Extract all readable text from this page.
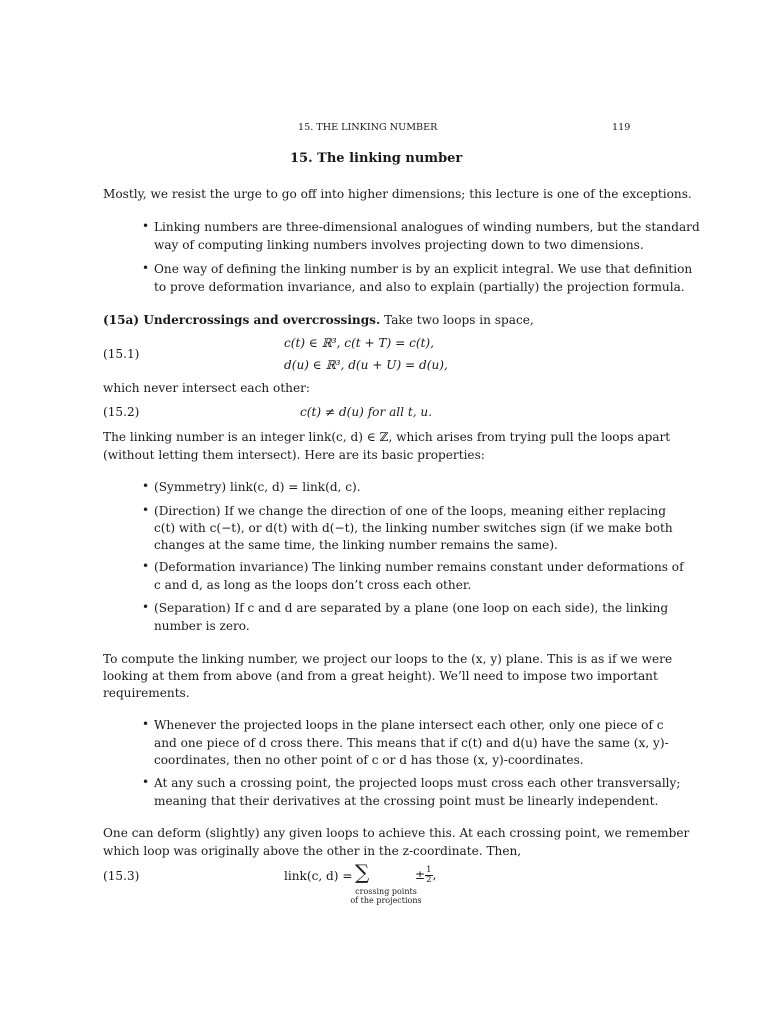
15. THE LINKING NUMBER	119
15. The linking number
Mostly, we resist the urge to go off into higher dimensions; this lecture is one of the exceptions.
• Linking numbers are three-dimensional analogues of winding numbers, but the standard
way of computing linking numbers involves projecting down to two dimensions.
• One way of defining the linking number is by an explicit integral. We use that definition
to prove deformation invariance, and also to explain (partially) the projection formula.
(15a) Undercrossings and overcrossings. Take two loops in space,
(15.1)
c(t) ∈ ℝ³, c(t + T) = c(t),
d(u) ∈ ℝ³, d(u + U) = d(u),
which never intersect each other:
(15.2)	c(t) ≠ d(u) for all t, u.
The linking number is an integer link(c, d) ∈ ℤ, which arises from trying pull the loops apart
(without letting them intersect). Here are its basic properties:
• (Symmetry) link(c, d) = link(d, c).
• (Direction) If we change the direction of one of the loops, meaning either replacing
c(t) with c(−t), or d(t) with d(−t), the linking number switches sign (if we make both
changes at the same time, the linking number remains the same).
• (Deformation invariance) The linking number remains constant under deformations of
c and d, as long as the loops don’t cross each other.
• (Separation) If c and d are separated by a plane (one loop on each side), the linking
number is zero.
To compute the linking number, we project our loops to the (x, y) plane. This is as if we were
looking at them from above (and from a great height). We’ll need to impose two important
requirements.
• Whenever the projected loops in the plane intersect each other, only one piece of c
and one piece of d cross there. This means that if c(t) and d(u) have the same (x, y)-
coordinates, then no other point of c or d has those (x, y)-coordinates.
• At any such a crossing point, the projected loops must cross each other transversally;
meaning that their derivatives at the crossing point must be linearly independent.
One can deform (slightly) any given loops to achieve this. At each crossing point, we remember
which loop was originally above the other in the z-coordinate. Then,
(15.3)	link(c, d) = ∑
crossing points
of the projections
± $\frac{1}{2}$ ,
